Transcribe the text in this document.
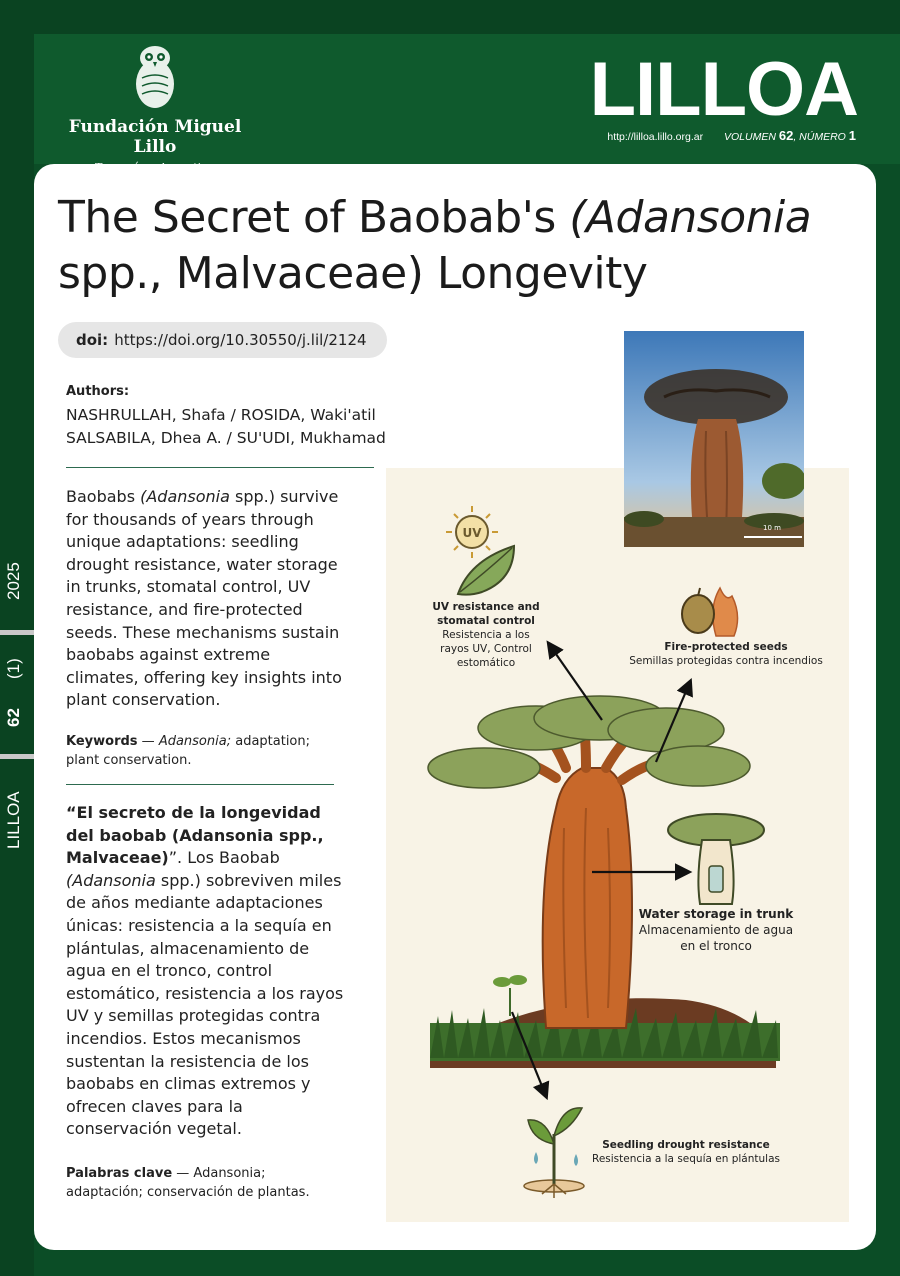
Fundación Miguel Lillo
LILLOA
http://lilloa.lillo.org.ar VOLUMEN 62, NÚMERO 1
2025
(1)
62
LILLOA
The Secret of Baobab's (Adansonia
spp., Malvaceae) Longevity
doi: https://doi.org/10.30550/j.lil/2124
Authors:
NASHRULLAH, Shafa / ROSIDA, Waki'atil
SALSABILA, Dhea A. / SU'UDI, Mukhamad
Baobabs (Adansonia spp.) survive for thousands of years through unique adaptations: seedling drought resistance, water storage in trunks, stomatal control, UV resistance, and fire-protected seeds. These mechanisms sustain baobabs against extreme climates, offering key insights into plant conservation.
Keywords — Adansonia; adaptation; plant conservation.
“El secreto de la longevidad del baobab (Adansonia spp., Malvaceae)”. Los Baobab (Adansonia spp.) sobreviven miles de años mediante adaptaciones únicas: resistencia a la sequía en plántulas, almacenamiento de agua en el tronco, control estomático, resistencia a los rayos UV y semillas protegidas contra incendios. Estos mecanismos sustentan la resistencia de los baobabs en climas extremos y ofrecen claves para la conservación vegetal.
Palabras clave — Adansonia; adaptación; conservación de plantas.
UV
UV resistance and stomatal control
Resistencia a los rayos UV, Control estomático
Fire-protected seeds
Semillas protegidas contra incendios
Water storage in trunk
Almacenamiento de agua en el tronco
Seedling drought resistance
Resistencia a la sequía en plántulas
10 m
